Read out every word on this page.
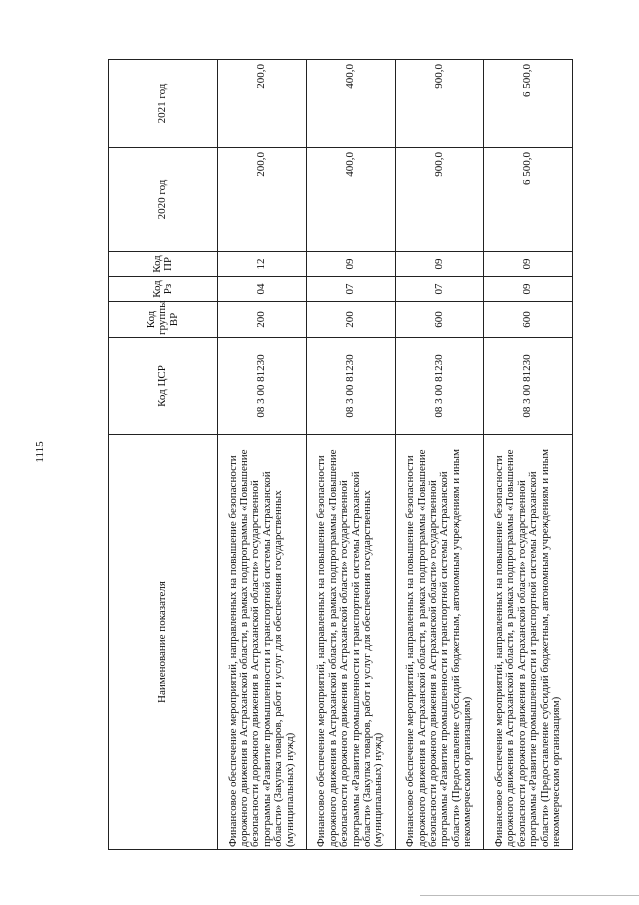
1115
Наименование показателя	Код ЦСР	Код группы ВР	Код Рз	Код ПР	2020 год	2021 год
Финансовое обеспечение мероприятий, направленных на повышение безопасности дорожного движения в Астраханской области, в рамках подпрограммы «Повышение безопасности дорожного движения в Астраханской области» государственной программы «Развитие промышленности и транспортной системы Астраханской области» (Закупка товаров, работ и услуг для обеспечения государственных (муниципальных) нужд)	08 3 00 81230	200	04	12	200,0	200,0
Финансовое обеспечение мероприятий, направленных на повышение безопасности дорожного движения в Астраханской области, в рамках подпрограммы «Повышение безопасности дорожного движения в Астраханской области» государственной программы «Развитие промышленности и транспортной системы Астраханской области» (Закупка товаров, работ и услуг для обеспечения государственных (муниципальных) нужд)	08 3 00 81230	200	07	09	400,0	400,0
Финансовое обеспечение мероприятий, направленных на повышение безопасности дорожного движения в Астраханской области, в рамках подпрограммы «Повышение безопасности дорожного движения в Астраханской области» государственной программы «Развитие промышленности и транспортной системы Астраханской области» (Предоставление субсидий бюджетным, автономным учреждениям и иным некоммерческим организациям)	08 3 00 81230	600	07	09	900,0	900,0
Финансовое обеспечение мероприятий, направленных на повышение безопасности дорожного движения в Астраханской области, в рамках подпрограммы «Повышение безопасности дорожного движения в Астраханской области» государственной программы «Развитие промышленности и транспортной системы Астраханской области» (Предоставление субсидий бюджетным, автономным учреждениям и иным некоммерческим организациям)	08 3 00 81230	600	09	09	6 500,0	6 500,0
